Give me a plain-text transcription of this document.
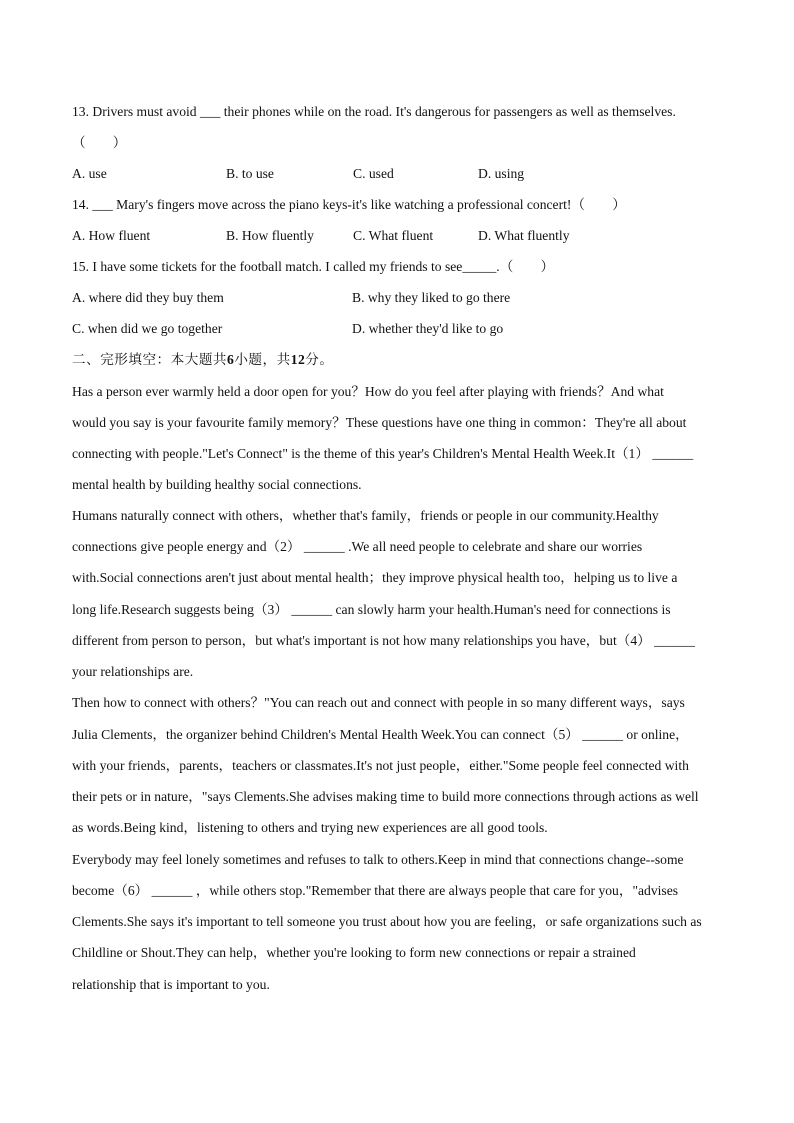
13. Drivers must avoid ___ their phones while on the road. It's dangerous for passengers as well as themselves.
（　　）
A. use	B. to use	C. used	D. using
14. ___ Mary's fingers move across the piano keys-it's like watching a professional concert!（　　）
A. How fluent	B. How fluently	C. What fluent	D. What fluently
15. I have some tickets for the football match. I called my friends to see_____.（　　）
A. where did they buy them	B. why they liked to go there
C. when did we go together	D. whether they'd like to go
二、完形填空：本大题共6小题，共12分。
Has a person ever warmly held a door open for you？How do you feel after playing with friends？And what
would you say is your favourite family memory？These questions have one thing in common：They're all about
connecting with people."Let's Connect" is the theme of this year's Children's Mental Health Week.It（1） ______
mental health by building healthy social connections.
Humans naturally connect with others，whether that's family，friends or people in our community.Healthy
connections give people energy and（2） ______ .We all need people to celebrate and share our worries
with.Social connections aren't just about mental health；they improve physical health too，helping us to live a
long life.Research suggests being（3） ______ can slowly harm your health.Human's need for connections is
different from person to person，but what's important is not how many relationships you have，but（4） ______
your relationships are.
Then how to connect with others？"You can reach out and connect with people in so many different ways，says
Julia Clements，the organizer behind Children's Mental Health Week.You can connect（5） ______ or online，
with your friends，parents，teachers or classmates.It's not just people，either."Some people feel connected with
their pets or in nature，"says Clements.She advises making time to build more connections through actions as well
as words.Being kind，listening to others and trying new experiences are all good tools.
Everybody may feel lonely sometimes and refuses to talk to others.Keep in mind that connections change--some
become（6） ______ ，while others stop."Remember that there are always people that care for you，"advises
Clements.She says it's important to tell someone you trust about how you are feeling，or safe organizations such as
Childline or Shout.They can help，whether you're looking to form new connections or repair a strained
relationship that is important to you.
